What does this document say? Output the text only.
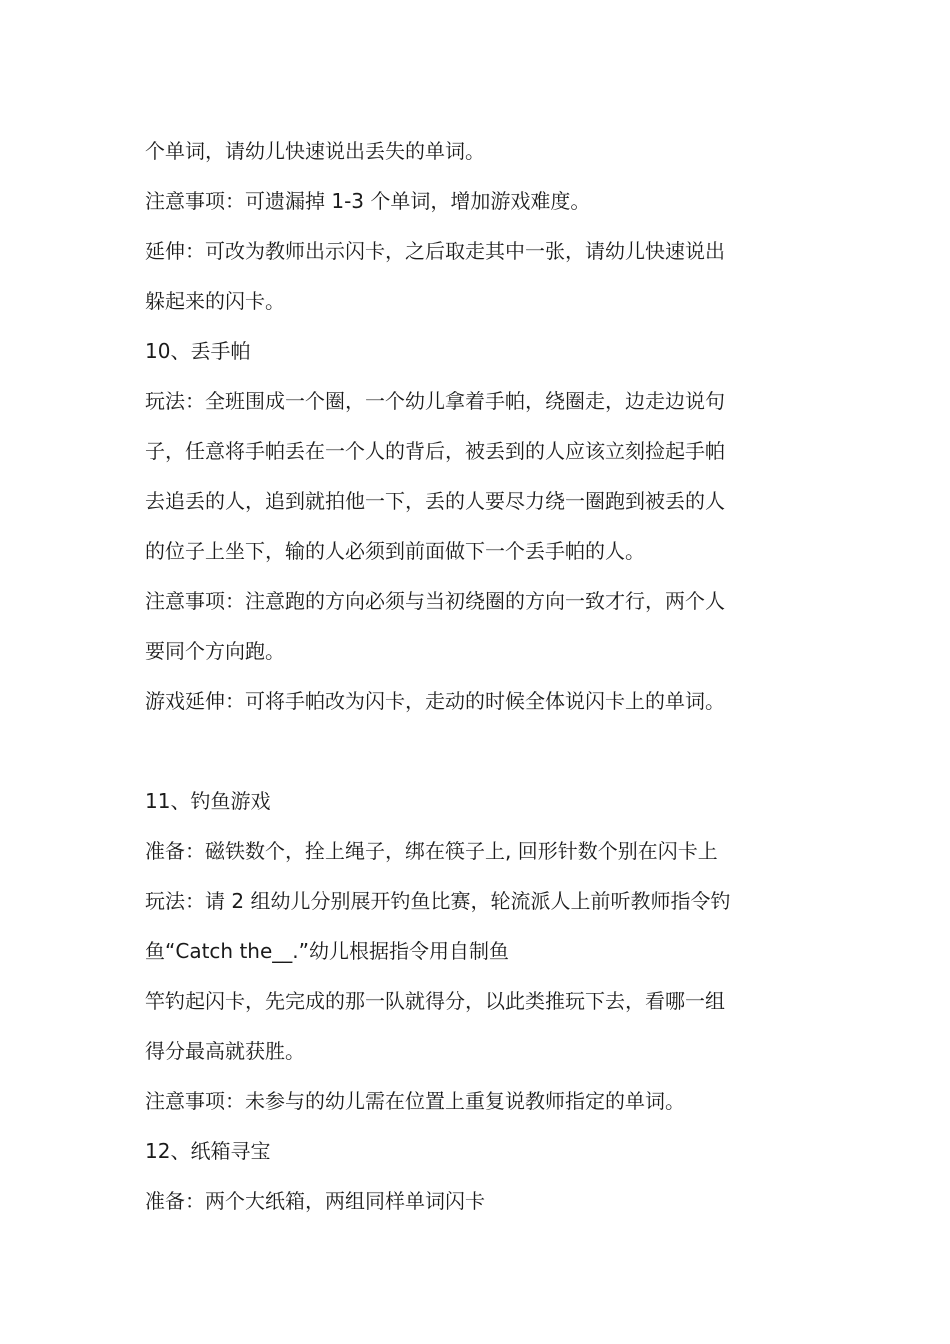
个单词，请幼儿快速说出丢失的单词。
注意事项：可遗漏掉 1-3 个单词，增加游戏难度。
延伸：可改为教师出示闪卡，之后取走其中一张，请幼儿快速说出
躲起来的闪卡。
10、丢手帕
玩法：全班围成一个圈，一个幼儿拿着手帕，绕圈走，边走边说句
子，任意将手帕丢在一个人的背后，被丢到的人应该立刻捡起手帕
去追丢的人，追到就拍他一下，丢的人要尽力绕一圈跑到被丢的人
的位子上坐下，输的人必须到前面做下一个丢手帕的人。
注意事项：注意跑的方向必须与当初绕圈的方向一致才行，两个人
要同个方向跑。
游戏延伸：可将手帕改为闪卡，走动的时候全体说闪卡上的单词。
11、钓鱼游戏
准备：磁铁数个，拴上绳子，绑在筷子上, 回形针数个别在闪卡上
玩法：请 2 组幼儿分别展开钓鱼比赛，轮流派人上前听教师指令钓
鱼“Catch the__.”幼儿根据指令用自制鱼
竿钓起闪卡，先完成的那一队就得分，以此类推玩下去，看哪一组
得分最高就获胜。
注意事项：未参与的幼儿需在位置上重复说教师指定的单词。
12、纸箱寻宝
准备：两个大纸箱，两组同样单词闪卡
